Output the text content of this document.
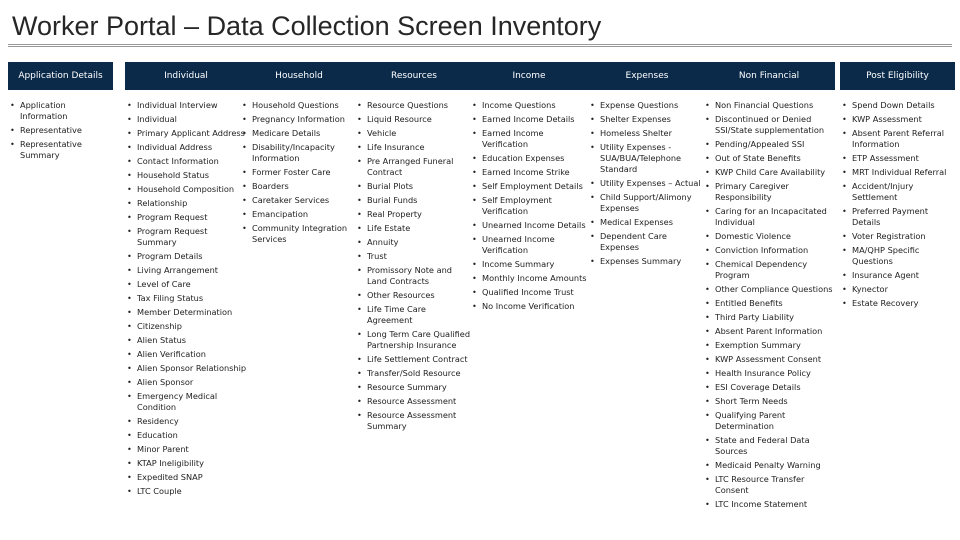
Worker Portal – Data Collection Screen Inventory
Application Details
• Application Information
• Representative
• Representative Summary
Individual
• Individual Interview
• Individual
• Primary Applicant Address
• Individual Address
• Contact Information
• Household Status
• Household Composition
• Relationship
• Program Request
• Program Request Summary
• Program Details
• Living Arrangement
• Level of Care
• Tax Filing Status
• Member Determination
• Citizenship
• Alien Status
• Alien Verification
• Alien Sponsor Relationship
• Alien Sponsor
• Emergency Medical Condition
• Residency
• Education
• Minor Parent
• KTAP Ineligibility
• Expedited SNAP
• LTC Couple
Household
• Household Questions
• Pregnancy Information
• Medicare Details
• Disability/Incapacity Information
• Former Foster Care
• Boarders
• Caretaker Services
• Emancipation
• Community Integration Services
Resources
• Resource Questions
• Liquid Resource
• Vehicle
• Life Insurance
• Pre Arranged Funeral Contract
• Burial Plots
• Burial Funds
• Real Property
• Life Estate
• Annuity
• Trust
• Promissory Note and Land Contracts
• Other Resources
• Life Time Care Agreement
• Long Term Care Qualified Partnership Insurance
• Life Settlement Contract
• Transfer/Sold Resource
• Resource Summary
• Resource Assessment
• Resource Assessment Summary
Income
• Income Questions
• Earned Income Details
• Earned Income Verification
• Education Expenses
• Earned Income Strike
• Self Employment Details
• Self Employment Verification
• Unearned Income Details
• Unearned Income Verification
• Income Summary
• Monthly Income Amounts
• Qualified Income Trust
• No Income Verification
Expenses
• Expense Questions
• Shelter Expenses
• Homeless Shelter
• Utility Expenses - SUA/BUA/Telephone Standard
• Utility Expenses – Actual
• Child Support/Alimony Expenses
• Medical Expenses
• Dependent Care Expenses
• Expenses Summary
Non Financial
• Non Financial Questions
• Discontinued or Denied SSI/State supplementation
• Pending/Appealed SSI
• Out of State Benefits
• KWP Child Care Availability
• Primary Caregiver Responsibility
• Caring for an Incapacitated Individual
• Domestic Violence
• Conviction Information
• Chemical Dependency Program
• Other Compliance Questions
• Entitled Benefits
• Third Party Liability
• Absent Parent Information
• Exemption Summary
• KWP Assessment Consent
• Health Insurance Policy
• ESI Coverage Details
• Short Term Needs
• Qualifying Parent Determination
• State and Federal Data Sources
• Medicaid Penalty Warning
• LTC Resource Transfer Consent
• LTC Income Statement
Post Eligibility
• Spend Down Details
• KWP Assessment
• Absent Parent Referral Information
• ETP Assessment
• MRT Individual Referral
• Accident/Injury Settlement
• Preferred Payment Details
• Voter Registration
• MA/QHP Specific Questions
• Insurance Agent
• Kynector
• Estate Recovery
